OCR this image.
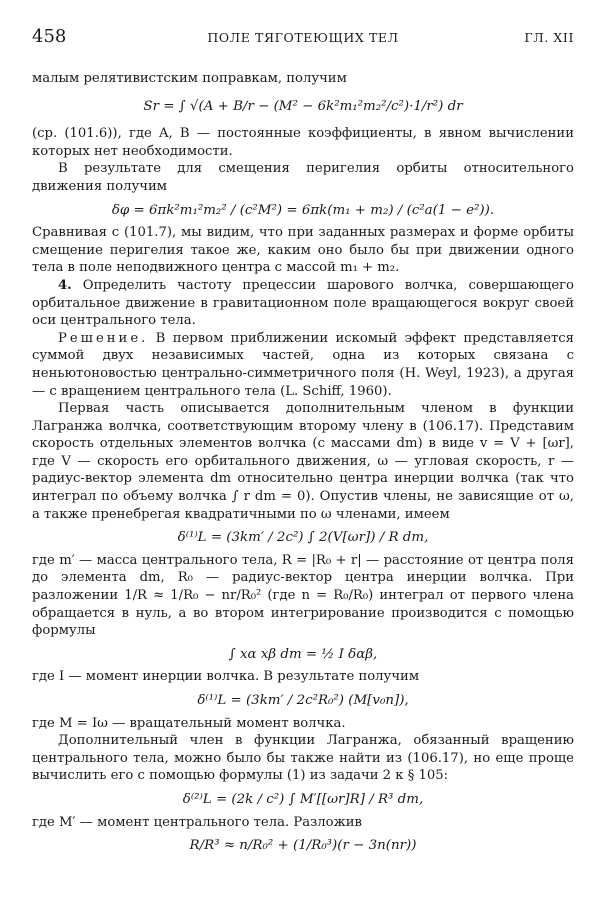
458	ПОЛЕ ТЯГОТЕЮЩИХ ТЕЛ	ГЛ. XII

малым релятивистским поправкам, получим

Sr = ∫ √(A + B/r − (M² − 6k²m₁²m₂²/c²)·1/r²) dr

(ср. (101.6)), где A, B — постоянные коэффициенты, в явном вычислении которых нет необходимости.

В результате для смещения перигелия орбиты относительного движения получим

δφ = 6πk²m₁²m₂² / (c²M²) = 6πk(m₁ + m₂) / (c²a(1 − e²)).

Сравнивая с (101.7), мы видим, что при заданных размерах и форме орбиты смещение перигелия такое же, каким оно было бы при движении одного тела в поле неподвижного центра с массой m₁ + m₂.

4. Определить частоту прецессии шарового волчка, совершающего орбитальное движение в гравитационном поле вращающегося вокруг своей оси центрального тела.

Решение. В первом приближении искомый эффект представляется суммой двух независимых частей, одна из которых связана с неньютоновостью центрально-симметричного поля (H. Weyl, 1923), а другая — с вращением центрального тела (L. Schiff, 1960).

Первая часть описывается дополнительным членом в функции Лагранжа волчка, соответствующим второму члену в (106.17). Представим скорость отдельных элементов волчка (с массами dm) в виде v = V + [ωr], где V — скорость его орбитального движения, ω — угловая скорость, r — радиус-вектор элемента dm относительно центра инерции волчка (так что интеграл по объему волчка ∫ r dm = 0). Опустив члены, не зависящие от ω, а также пренебрегая квадратичными по ω членами, имеем

δ⁽¹⁾L = (3km′ / 2c²) ∫ 2(V[ωr]) / R dm,

где m′ — масса центрального тела, R = |R₀ + r| — расстояние от центра поля до элемента dm, R₀ — радиус-вектор центра инерции волчка. При разложении 1/R ≈ 1/R₀ − nr/R₀² (где n = R₀/R₀) интеграл от первого члена обращается в нуль, а во втором интегрирование производится с помощью формулы

∫ xα xβ dm = ½ I δαβ,

где I — момент инерции волчка. В результате получим

δ⁽¹⁾L = (3km′ / 2c²R₀²) (M[v₀n]),

где M = Iω — вращательный момент волчка.

Дополнительный член в функции Лагранжа, обязанный вращению центрального тела, можно было бы также найти из (106.17), но еще проще вычислить его с помощью формулы (1) из задачи 2 к § 105:

δ⁽²⁾L = (2k / c²) ∫ M′[[ωr]R] / R³ dm,

где M′ — момент центрального тела. Разложив

R/R³ ≈ n/R₀² + (1/R₀³)(r − 3n(nr))
